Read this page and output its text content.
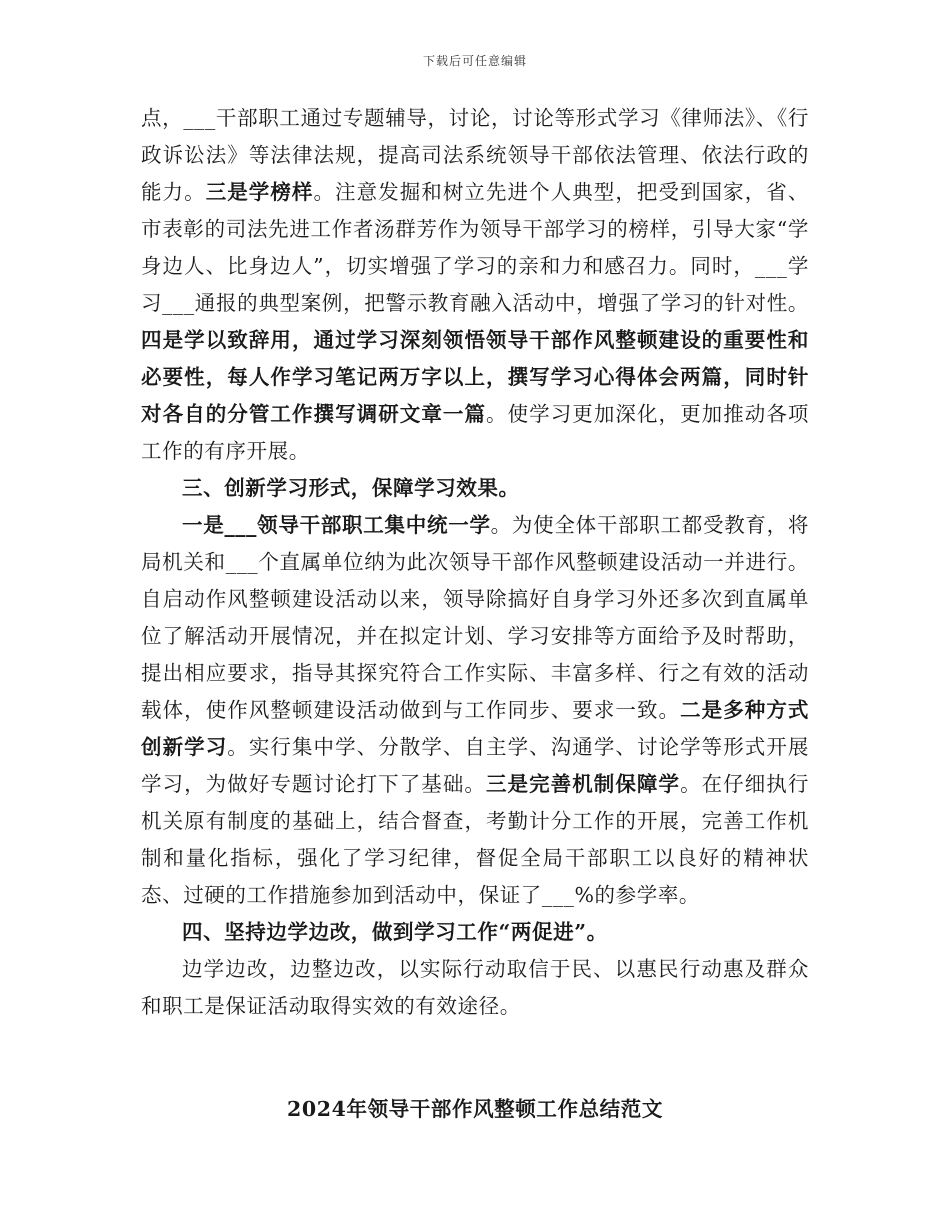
下载后可任意编辑

点，___干部职工通过专题辅导，讨论，讨论等形式学习《律师法》、《行政诉讼法》等法律法规，提高司法系统领导干部依法管理、依法行政的能力。三是学榜样。注意发掘和树立先进个人典型，把受到国家，省、市表彰的司法先进工作者汤群芳作为领导干部学习的榜样，引导大家“学身边人、比身边人”，切实增强了学习的亲和力和感召力。同时，___学习___通报的典型案例，把警示教育融入活动中，增强了学习的针对性。四是学以致辞用，通过学习深刻领悟领导干部作风整顿建设的重要性和必要性，每人作学习笔记两万字以上，撰写学习心得体会两篇，同时针对各自的分管工作撰写调研文章一篇。使学习更加深化，更加推动各项工作的有序开展。

三、创新学习形式，保障学习效果。

一是___领导干部职工集中统一学。为使全体干部职工都受教育，将局机关和___个直属单位纳为此次领导干部作风整顿建设活动一并进行。自启动作风整顿建设活动以来，领导除搞好自身学习外还多次到直属单位了解活动开展情况，并在拟定计划、学习安排等方面给予及时帮助，提出相应要求，指导其探究符合工作实际、丰富多样、行之有效的活动载体，使作风整顿建设活动做到与工作同步、要求一致。二是多种方式创新学习。实行集中学、分散学、自主学、沟通学、讨论学等形式开展学习，为做好专题讨论打下了基础。三是完善机制保障学。在仔细执行机关原有制度的基础上，结合督查，考勤计分工作的开展，完善工作机制和量化指标，强化了学习纪律，督促全局干部职工以良好的精神状态、过硬的工作措施参加到活动中，保证了___%的参学率。

四、坚持边学边改，做到学习工作“两促进”。

边学边改，边整边改，以实际行动取信于民、以惠民行动惠及群众和职工是保证活动取得实效的有效途径。

2024年领导干部作风整顿工作总结范文
